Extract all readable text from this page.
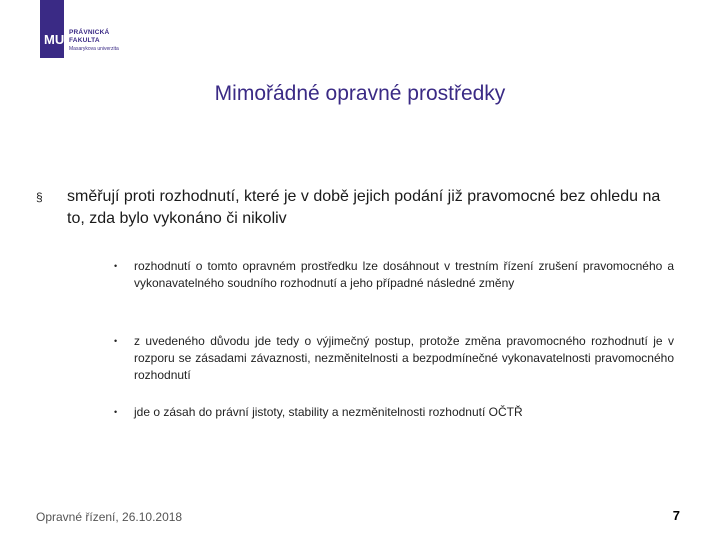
MU PRÁVNICKÁ
FAKULTA
Masarykova univerzita
Mimořádné opravné prostředky
§ směřují proti rozhodnutí, které je v době jejich podání již pravomocné bez ohledu na to, zda bylo vykonáno či nikoliv
• rozhodnutí o tomto opravném prostředku lze dosáhnout v trestním řízení zrušení pravomocného a vykonavatelného soudního rozhodnutí a jeho případné následné změny
• z uvedeného důvodu jde tedy o výjimečný postup, protože změna pravomocného rozhodnutí je v rozporu se zásadami závaznosti, nezměnitelnosti a bezpodmínečné vykonavatelnosti pravomocného rozhodnutí
• jde o zásah do právní jistoty, stability a nezměnitelnosti rozhodnutí OČTŘ
Opravné řízení, 26.10.2018	7
